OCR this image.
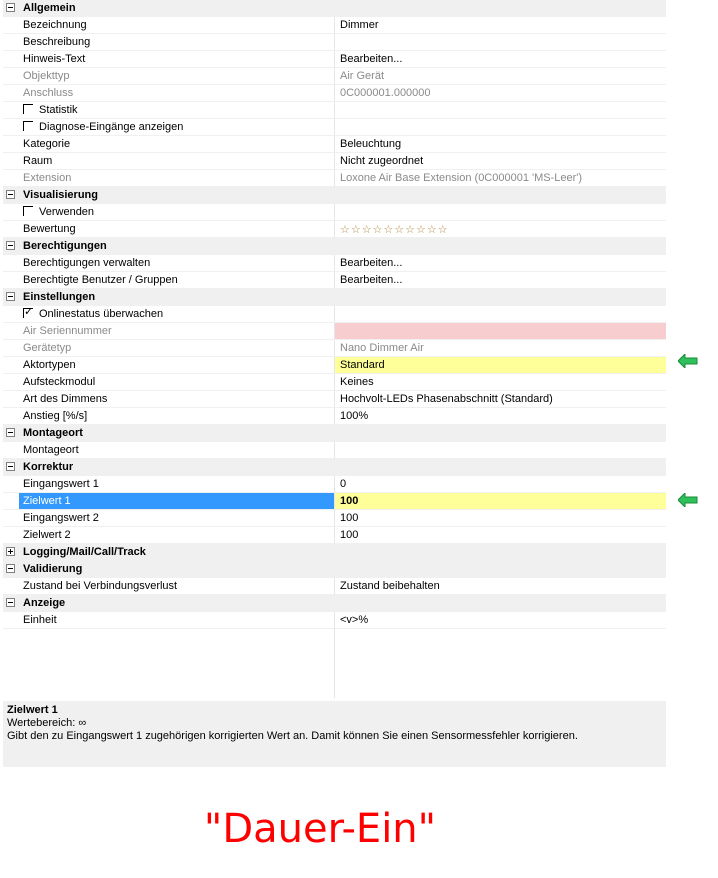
Allgemein
Bezeichnung	Dimmer
Beschreibung
Hinweis-Text	Bearbeiten...
Objekttyp	Air Gerät
Anschluss	0C000001.000000
Statistik
Diagnose-Eingänge anzeigen
Kategorie	Beleuchtung
Raum	Nicht zugeordnet
Extension	Loxone Air Base Extension (0C000001 'MS-Leer')
Visualisierung
Verwenden
Bewertung	☆☆☆☆☆☆☆☆☆☆
Berechtigungen
Berechtigungen verwalten	Bearbeiten...
Berechtigte Benutzer / Gruppen	Bearbeiten...
Einstellungen
✓Onlinestatus überwachen
Air Seriennummer
Gerätetyp	Nano Dimmer Air
Aktortypen	Standard
Aufsteckmodul	Keines
Art des Dimmens	Hochvolt-LEDs Phasenabschnitt (Standard)
Anstieg [%/s]	100%
Montageort
Montageort
Korrektur
Eingangswert 1	0
Zielwert 1	100
Eingangswert 2	100
Zielwert 2	100
Logging/Mail/Call/Track
Validierung
Zustand bei Verbindungsverlust	Zustand beibehalten
Anzeige
Einheit	<v>%
Zielwert 1
Wertebereich: ∞
Gibt den zu Eingangswert 1 zugehörigen korrigierten Wert an. Damit können Sie einen Sensormessfehler korrigieren.
"Dauer-Ein"
